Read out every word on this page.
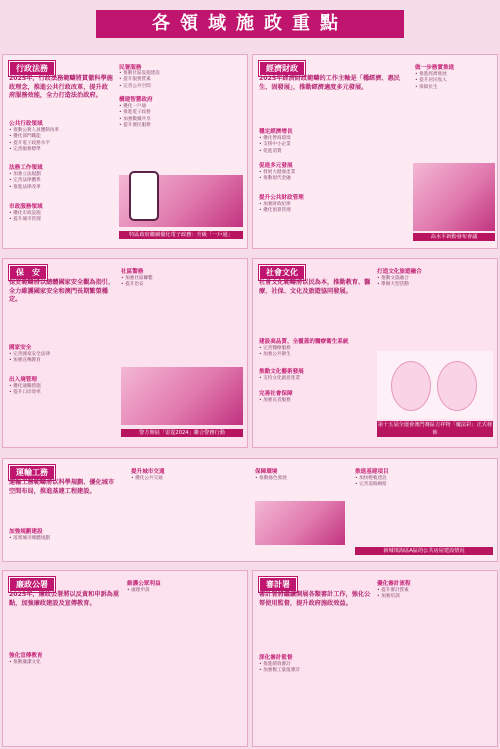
各領域施政重點
行政法務
2025年，行政法務範疇將貫徹科學施政理念，推進公共行政改革，提升政府服務效能，全力打造法治政府。
公共行政領域
• 推動公務人員體制改革
• 優化部門職能
• 提升電子政務水平
• 完善服務標準
法務工作領域
• 加強立法規劃
• 完善法律體系
• 推進法律改革
市政服務領域
• 優化市政設施
• 提升城市管理
民署服務
• 推動社區設施建設
• 提升服務質素
• 完善公共空間
構建智慧政府
• 優化一戶通
• 推進電子政務
• 加強數據共享
• 提升便民服務
特區政府繼續優化電子政務：升級「一戶通」
經濟財政
2025年經濟財政範疇的工作主軸是「穩經濟、惠民生、固發展」，推動經濟適度多元發展。
穩定經濟增長
• 優化營商環境
• 支援中小企業
• 促進消費
促進多元發展
• 發展大健康產業
• 推動現代金融
提升公共財政管理
• 加強財政紀律
• 優化預算管理
做一步務實推進
• 推進經濟發展
• 提升居民收入
• 保障民生
高水平新動發布會議
保　安
保安範疇將以總體國家安全觀為指引，全力維護國家安全和澳門長期繁榮穩定。
國家安全
• 完善國家安全法律
• 加強宣傳教育
出入境管理
• 優化通關措施
• 提升口岸效率
社區警務
• 加強社區聯繫
• 提升治安
警方開展「雷霆2024」聯合警務行動
社會文化
社會文化範疇將以民為本，推動教育、醫療、社保、文化及旅遊協同發展。
建設高品質、全覆蓋的醫療衛生系統
• 完善醫療服務
• 加強公共衛生
推動文化藝術發展
• 支持文化創意產業
完善社會保障
• 加強長者服務
打造文化旅遊融合
• 推動文旅融合
• 舉辦大型活動
第十五屆全運會澳門賽區吉祥物「魔法彩」正式發佈
運輸工務
運輸工務範疇將以科學規劃、優化城市空間布局，推進基建工程建設。
加強規劃建設
• 落實城市總體規劃
提升城市交通
• 優化公共交通
保障環境
• 推動綠色發展
推進基建項目
• 加快輕軌建設
• 完善道路網絡
新城填海區A區的公共房屋建設情況
廉政公署
2025年，廉政公署將以反貪和申訴為重點，加強廉政建設及宣傳教育。
強化宣傳教育
• 推動廉潔文化
維護公眾利益
• 處理申訴
審計署
審計署將繼續開展各類審計工作，強化公帑使用監督，提升政府施政效益。
深化審計監督
• 推進績效審計
• 加強衡工量值審計
優化審計流程
• 提升審計質素
• 加強培訓
